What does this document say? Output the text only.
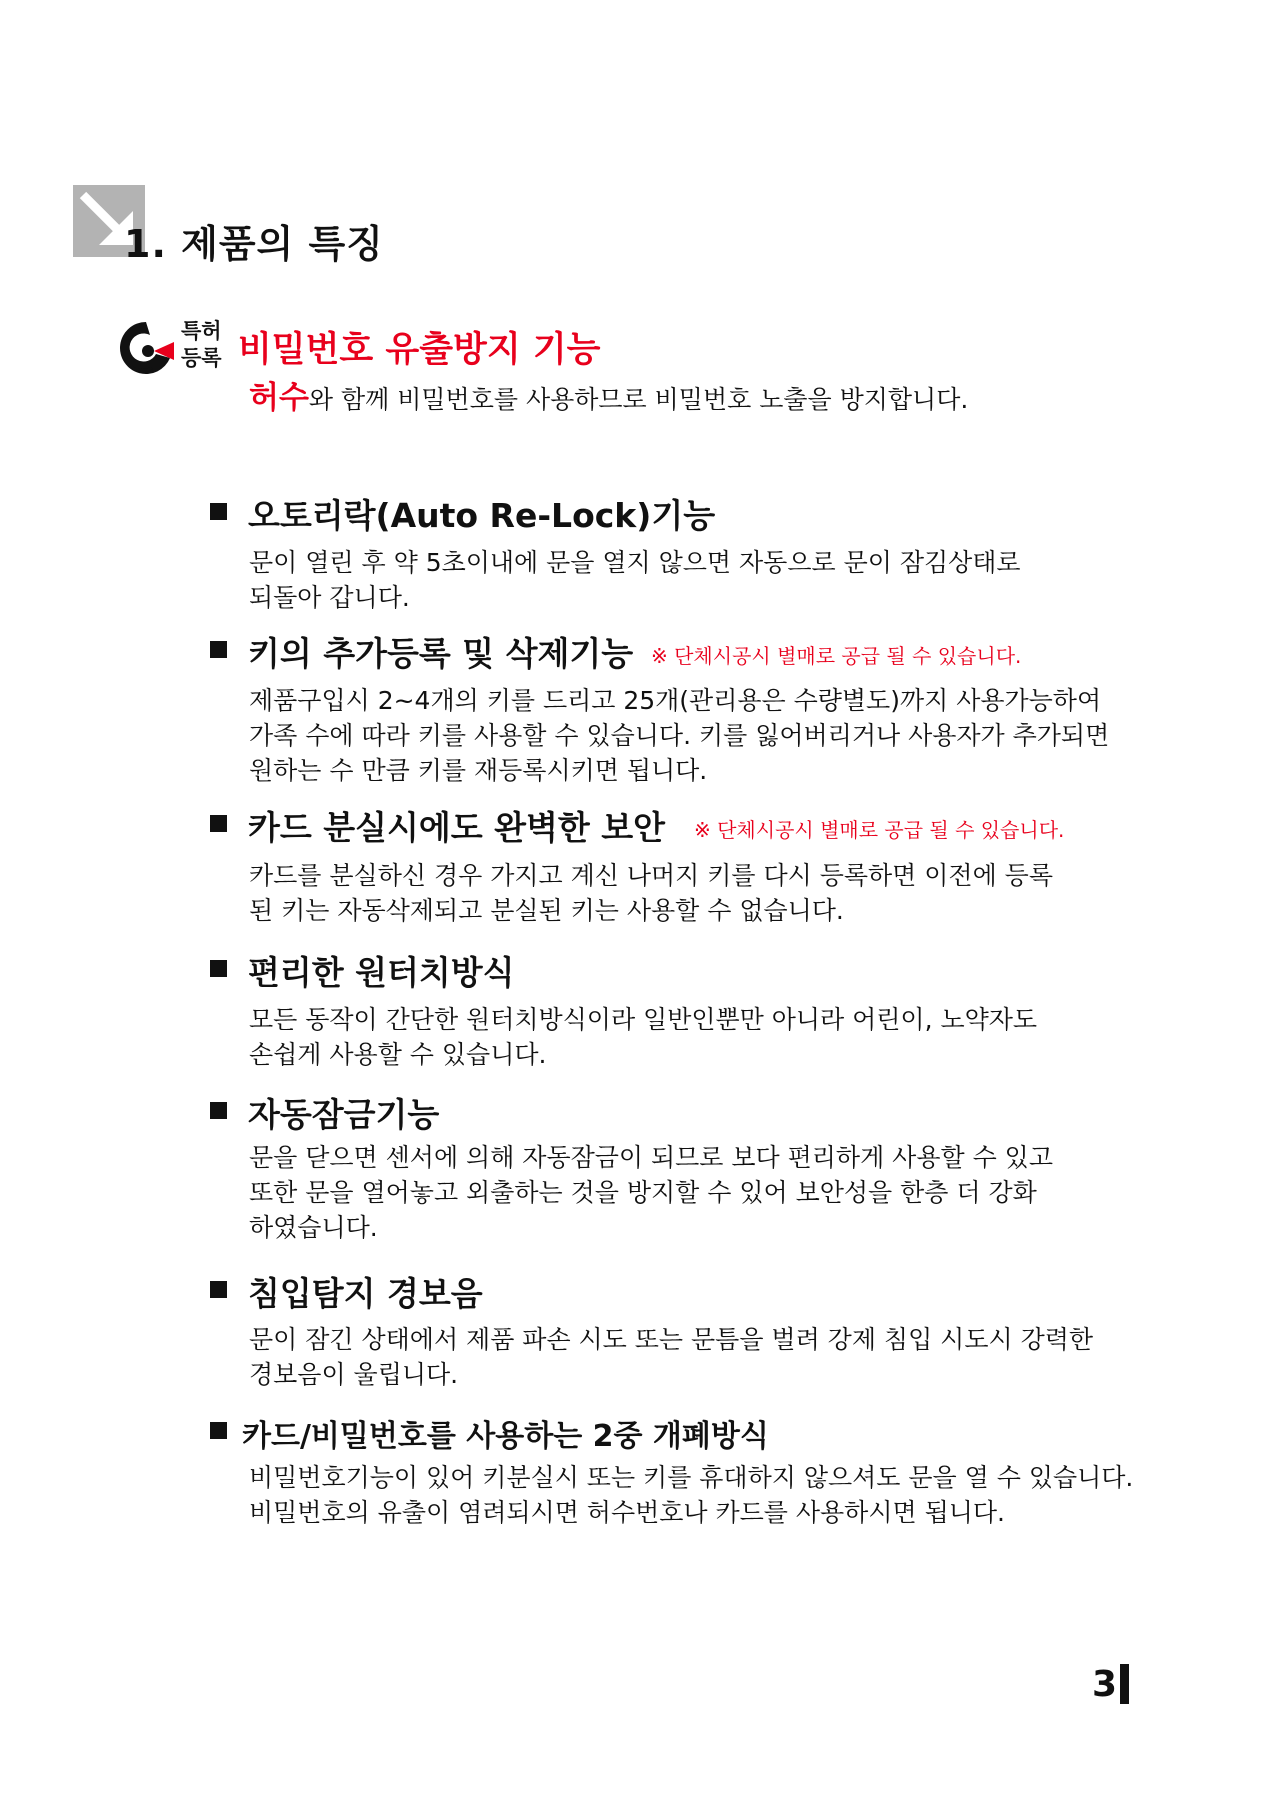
1. 제품의 특징
특허
등록 비밀번호 유출방지 기능
허수와 함께 비밀번호를 사용하므로 비밀번호 노출을 방지합니다.
오토리락(Auto Re-Lock)기능
문이 열린 후 약 5초이내에 문을 열지 않으면 자동으로 문이 잠김상태로
되돌아 갑니다.
키의 추가등록 및 삭제기능 ※ 단체시공시 별매로 공급 될 수 있습니다.
제품구입시 2~4개의 키를 드리고 25개(관리용은 수량별도)까지 사용가능하여
가족 수에 따라 키를 사용할 수 있습니다. 키를 잃어버리거나 사용자가 추가되면
원하는 수 만큼 키를 재등록시키면 됩니다.
카드 분실시에도 완벽한 보안 ※ 단체시공시 별매로 공급 될 수 있습니다.
카드를 분실하신 경우 가지고 계신 나머지 키를 다시 등록하면 이전에 등록
된 키는 자동삭제되고 분실된 키는 사용할 수 없습니다.
편리한 원터치방식
모든 동작이 간단한 원터치방식이라 일반인뿐만 아니라 어린이, 노약자도
손쉽게 사용할 수 있습니다.
자동잠금기능
문을 닫으면 센서에 의해 자동잠금이 되므로 보다 편리하게 사용할 수 있고
또한 문을 열어놓고 외출하는 것을 방지할 수 있어 보안성을 한층 더 강화
하였습니다.
침입탐지 경보음
문이 잠긴 상태에서 제품 파손 시도 또는 문틈을 벌려 강제 침입 시도시 강력한
경보음이 울립니다.
카드/비밀번호를 사용하는 2중 개폐방식
비밀번호기능이 있어 키분실시 또는 키를 휴대하지 않으셔도 문을 열 수 있습니다.
비밀번호의 유출이 염려되시면 허수번호나 카드를 사용하시면 됩니다.
3
